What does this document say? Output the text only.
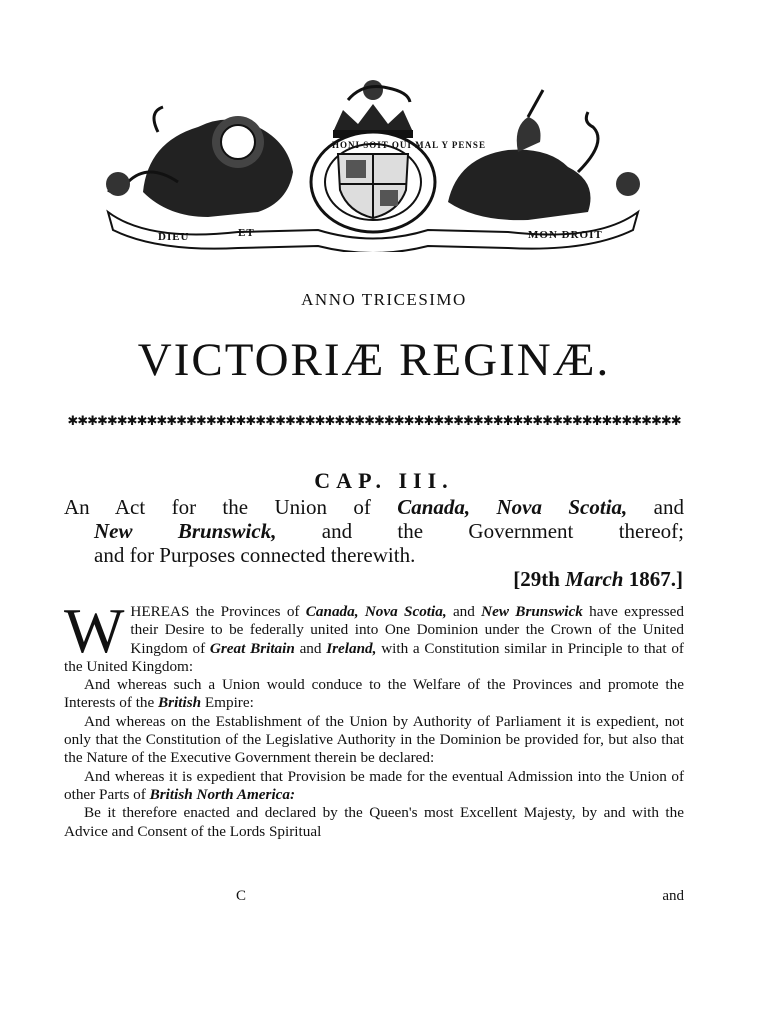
DIEU	ET	MON DROIT
HONI SOIT QUI MAL Y PENSE
ANNO TRICESIMO
VICTORIÆ REGINÆ.
✱✱✱✱✱✱✱✱✱✱✱✱✱✱✱✱✱✱✱✱✱✱✱✱✱✱✱✱✱✱✱✱✱✱✱✱✱✱✱✱✱✱✱✱✱✱✱✱✱✱✱✱✱✱✱✱✱✱✱✱✱✱
CAP. III.
An Act for the Union of Canada, Nova Scotia, and
New Brunswick, and the Government thereof;
and for Purposes connected therewith.
[29th March 1867.]

WHEREAS the Provinces of Canada, Nova Scotia, and New Brunswick have expressed their Desire to be federally united into One Dominion under the Crown of the United Kingdom of Great Britain and Ireland, with a Constitution similar in Principle to that of the United Kingdom:

And whereas such a Union would conduce to the Welfare of the Provinces and promote the Interests of the British Empire:

And whereas on the Establishment of the Union by Authority of Parliament it is expedient, not only that the Constitution of the Legislative Authority in the Dominion be provided for, but also that the Nature of the Executive Government therein be declared:

And whereas it is expedient that Provision be made for the eventual Admission into the Union of other Parts of British North America:

Be it therefore enacted and declared by the Queen's most Excellent Majesty, by and with the Advice and Consent of the Lords Spiritual

C	and
